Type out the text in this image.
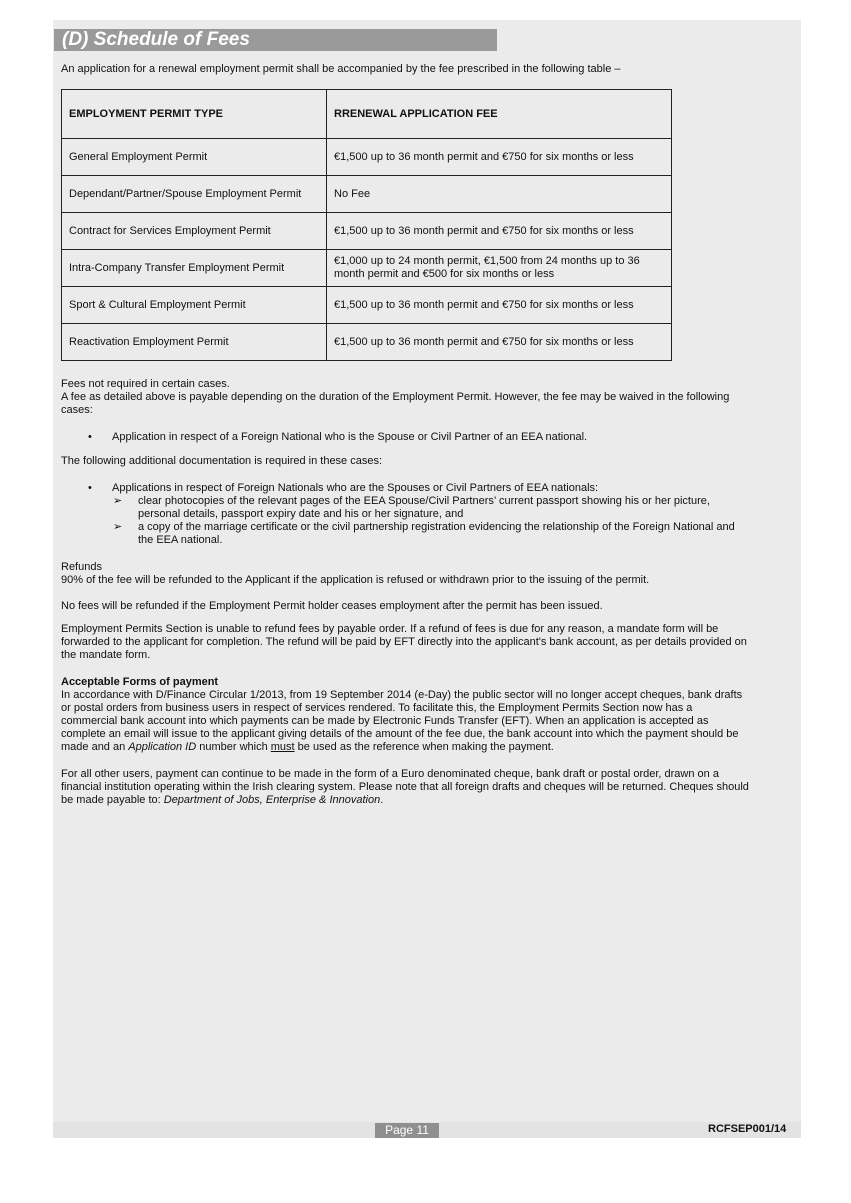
(D) Schedule of Fees
An application for a renewal employment permit shall be accompanied by the fee prescribed in the following table –
EMPLOYMENT PERMIT TYPE	RRENEWAL APPLICATION FEE
General Employment Permit	€1,500 up to 36 month permit and €750 for six months or less
Dependant/Partner/Spouse Employment Permit	No Fee
Contract for Services Employment Permit	€1,500 up to 36 month permit and €750 for six months or less
Intra-Company Transfer Employment Permit	€1,000 up to 24 month permit, €1,500 from 24 months up to 36 month permit and €500 for six months or less
Sport & Cultural Employment Permit	€1,500 up to 36 month permit and €750 for six months or less
Reactivation Employment Permit	€1,500 up to 36 month permit and €750 for six months or less
Fees not required in certain cases.
A fee as detailed above is payable depending on the duration of the Employment Permit. However, the fee may be waived in the following cases:
• Application in respect of a Foreign National who is the Spouse or Civil Partner of an EEA national.
The following additional documentation is required in these cases:
• Applications in respect of Foreign Nationals who are the Spouses or Civil Partners of EEA nationals:
➢ clear photocopies of the relevant pages of the EEA Spouse/Civil Partners’ current passport showing his or her picture, personal details, passport expiry date and his or her signature, and
➢ a copy of the marriage certificate or the civil partnership registration evidencing the relationship of the Foreign National and the EEA national.
Refunds
90% of the fee will be refunded to the Applicant if the application is refused or withdrawn prior to the issuing of the permit.
No fees will be refunded if the Employment Permit holder ceases employment after the permit has been issued.
Employment Permits Section is unable to refund fees by payable order. If a refund of fees is due for any reason, a mandate form will be forwarded to the applicant for completion. The refund will be paid by EFT directly into the applicant's bank account, as per details provided on the mandate form.
Acceptable Forms of payment
In accordance with D/Finance Circular 1/2013, from 19 September 2014 (e-Day) the public sector will no longer accept cheques, bank drafts or postal orders from business users in respect of services rendered. To facilitate this, the Employment Permits Section now has a commercial bank account into which payments can be made by Electronic Funds Transfer (EFT). When an application is accepted as complete an email will issue to the applicant giving details of the amount of the fee due, the bank account into which the payment should be made and an Application ID number which must be used as the reference when making the payment.
For all other users, payment can continue to be made in the form of a Euro denominated cheque, bank draft or postal order, drawn on a financial institution operating within the Irish clearing system. Please note that all foreign drafts and cheques will be returned. Cheques should be made payable to: Department of Jobs, Enterprise & Innovation.
Page 11	RCFSEP001/14
